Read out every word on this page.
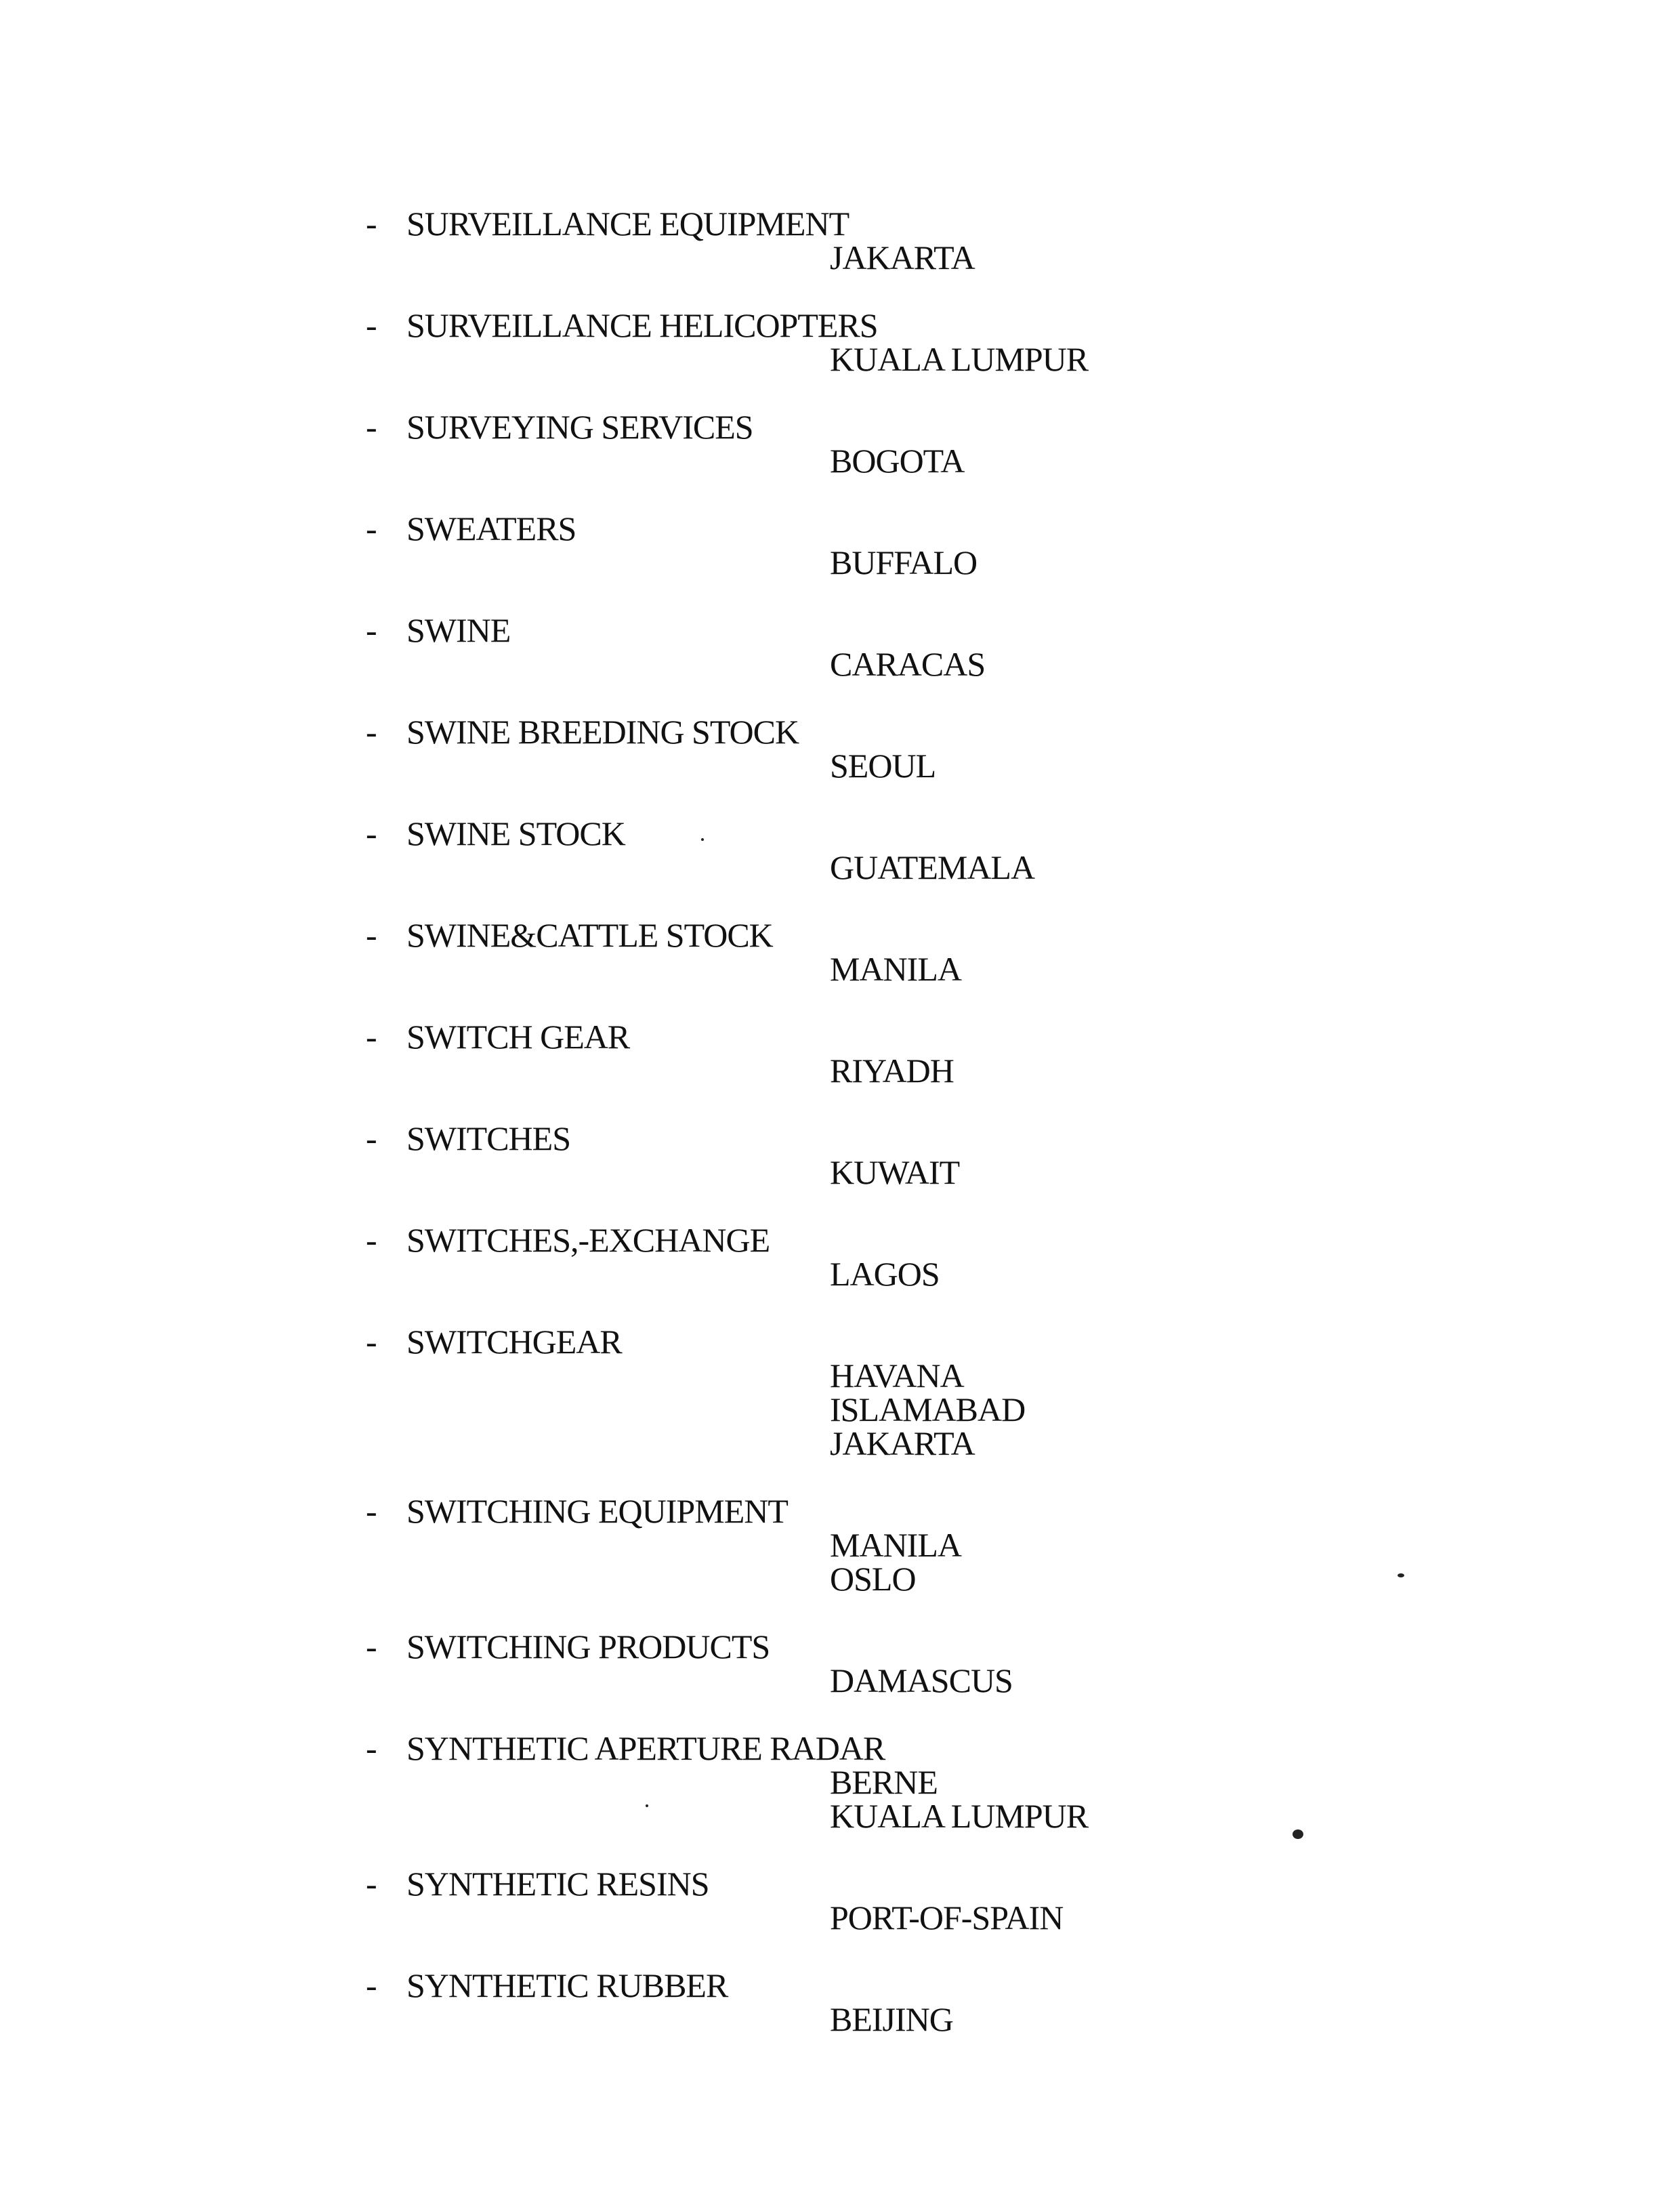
- SURVEILLANCE EQUIPMENT
JAKARTA
- SURVEILLANCE HELICOPTERS
KUALA LUMPUR
- SURVEYING SERVICES
BOGOTA
- SWEATERS
BUFFALO
- SWINE
CARACAS
- SWINE BREEDING STOCK
SEOUL
- SWINE STOCK
GUATEMALA
- SWINE&CATTLE STOCK
MANILA
- SWITCH GEAR
RIYADH
- SWITCHES
KUWAIT
- SWITCHES,-EXCHANGE
LAGOS
- SWITCHGEAR
HAVANA
ISLAMABAD
JAKARTA
- SWITCHING EQUIPMENT
MANILA
OSLO
- SWITCHING PRODUCTS
DAMASCUS
- SYNTHETIC APERTURE RADAR
BERNE
KUALA LUMPUR
- SYNTHETIC RESINS
PORT-OF-SPAIN
- SYNTHETIC RUBBER
BEIJING
